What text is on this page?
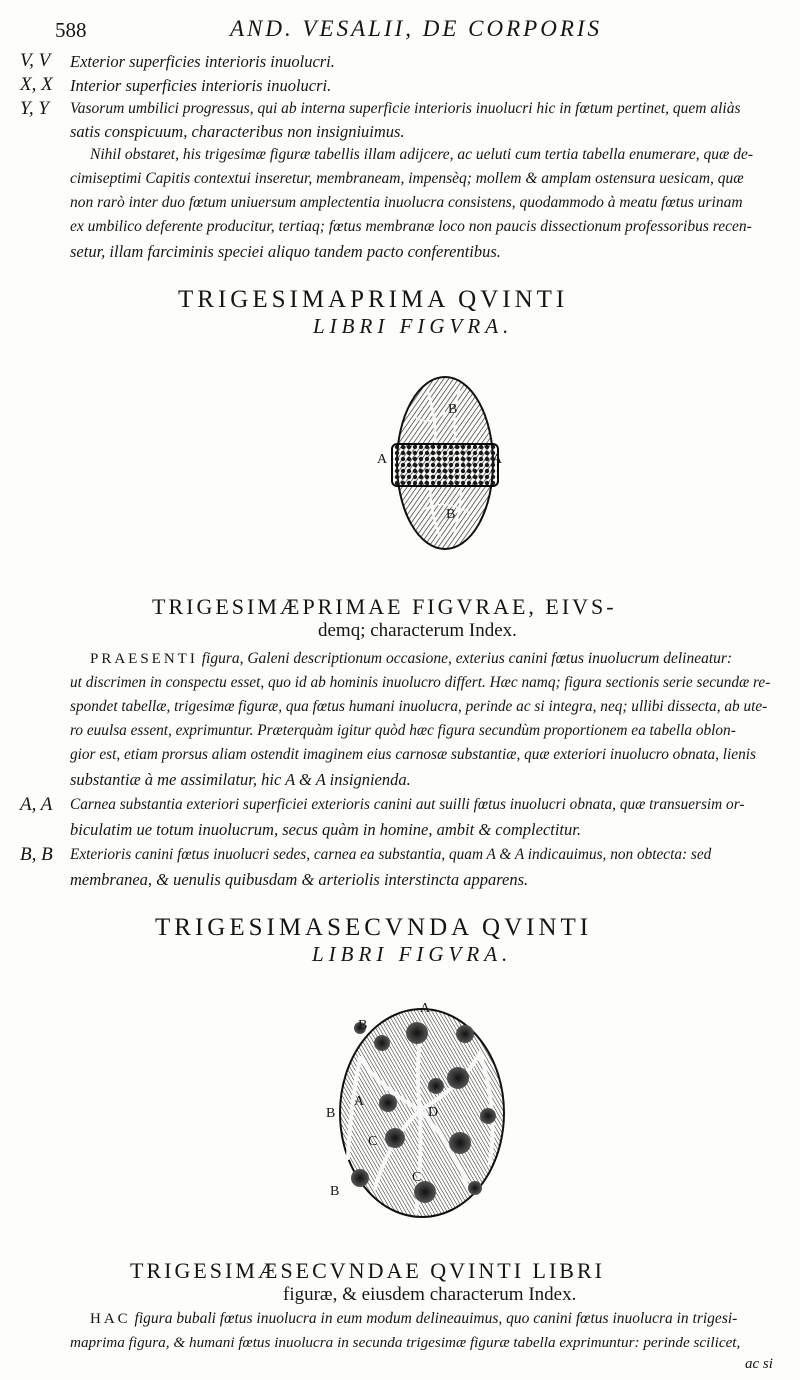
588	AND. VESALII, DE CORPORIS
V, V Exterior superficies interioris inuolucri.
X, X Interior superficies interioris inuolucri.
Y, Y Vasorum umbilici progressus, qui ab interna superficie interioris inuolucri hic in fœtum pertinet, quem aliàs
satis conspicuum, characteribus non insigniuimus.
Nihil obstaret, his trigesimæ figuræ tabellis illam adijcere, ac ueluti cum tertia tabella enumerare, quæ de-
cimiseptimi Capitis contextui inseretur, membraneam, impensèq; mollem & amplam ostensura uesicam, quæ
non rarò inter duo fœtum uniuersum amplectentia inuolucra consistens, quodammodo à meatu fœtus urinam
ex umbilico deferente producitur, tertiaq; fœtus membranæ loco non paucis dissectionum professoribus recen-
setur, illam farciminis speciei aliquo tandem pacto conferentibus.
TRIGESIMAPRIMA QVINTI
LIBRI FIGVRA.
A	A
B
B
TRIGESIMÆPRIMAE FIGVRAE, EIVS-
demq; characterum Index.
PRAESENTI figura, Galeni descriptionum occasione, exterius canini fœtus inuolucrum delineatur:
ut discrimen in conspectu esset, quo id ab hominis inuolucro differt. Hæc namq; figura sectionis serie secundæ re-
spondet tabellæ, trigesimæ figuræ, qua fœtus humani inuolucra, perinde ac si integra, neq; ullibi dissecta, ab ute-
ro euulsa essent, exprimuntur. Præterquàm igitur quòd hæc figura secundùm proportionem ea tabella oblon-
gior est, etiam prorsus aliam ostendit imaginem eius carnosæ substantiæ, quæ exteriori inuolucro obnata, lienis
substantiæ à me assimilatur, hic A & A insignienda.
A, A Carnea substantia exteriori superficiei exterioris canini aut suilli fœtus inuolucri obnata, quæ transuersim or-
biculatim ue totum inuolucrum, secus quàm in homine, ambit & complectitur.
B, B Exterioris canini fœtus inuolucri sedes, carnea ea substantia, quam A & A indicauimus, non obtecta: sed
membranea, & uenulis quibusdam & arteriolis interstincta apparens.
TRIGESIMASECVNDA QVINTI
LIBRI FIGVRA.
A
A
B
B
B
C
C
D
TRIGESIMÆSECVNDAE QVINTI LIBRI
figuræ, & eiusdem characterum Index.
HAC figura bubali fœtus inuolucra in eum modum delineauimus, quo canini fœtus inuolucra in trigesi-
maprima figura, & humani fœtus inuolucra in secunda trigesimæ figuræ tabella exprimuntur: perinde scilicet,
ac si
